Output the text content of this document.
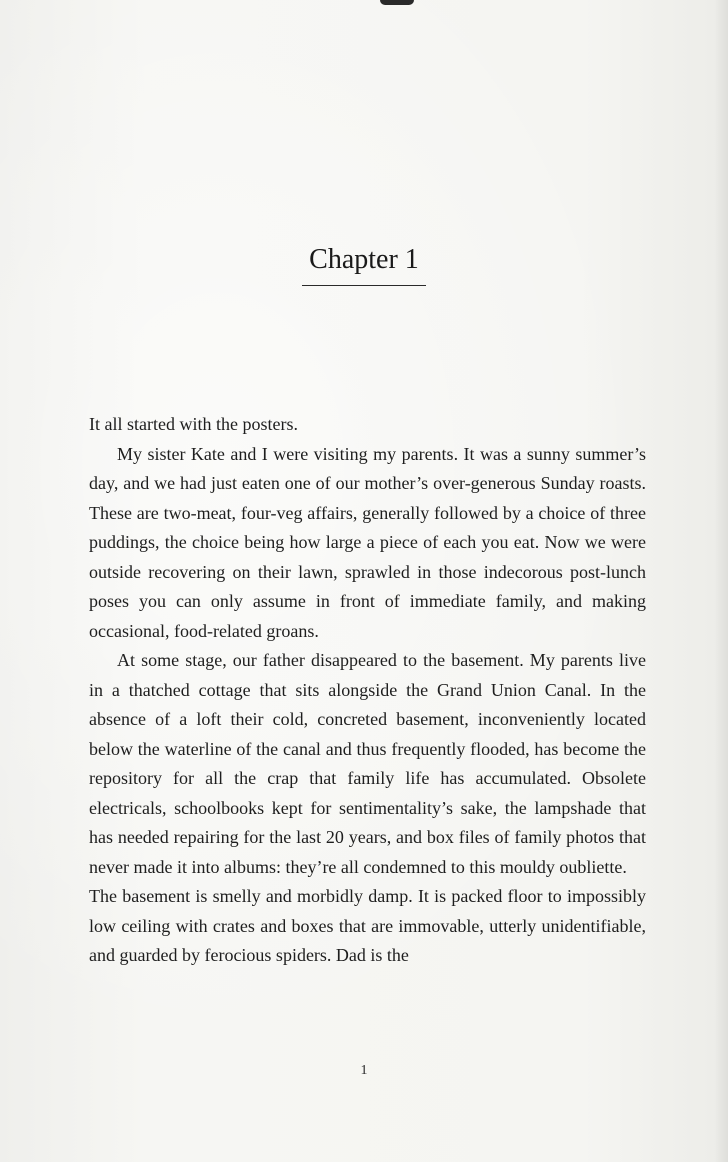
Chapter 1

It all started with the posters.

My sister Kate and I were visiting my parents. It was a sunny summer’s day, and we had just eaten one of our mother’s over-generous Sunday roasts. These are two-meat, four-veg affairs, generally followed by a choice of three puddings, the choice being how large a piece of each you eat. Now we were outside recovering on their lawn, sprawled in those indecorous post-lunch poses you can only assume in front of immediate family, and making occasional, food-related groans.

At some stage, our father disappeared to the basement. My parents live in a thatched cottage that sits alongside the Grand Union Canal. In the absence of a loft their cold, concreted basement, inconveniently located below the waterline of the canal and thus frequently flooded, has become the repository for all the crap that family life has accumulated. Obsolete electricals, schoolbooks kept for sentimentality’s sake, the lampshade that has needed repairing for the last 20 years, and box files of family photos that never made it into albums: they’re all condemned to this mouldy oubliette.

The basement is smelly and morbidly damp. It is packed floor to impossibly low ceiling with crates and boxes that are immovable, utterly unidentifiable, and guarded by ferocious spiders. Dad is the

1
